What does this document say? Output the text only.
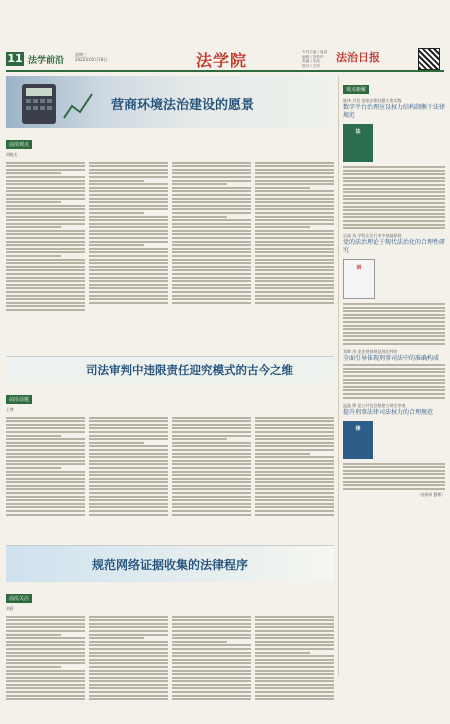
11 法学前沿
星期三
2022年05月18日	法学院	专刊主编 / 周斌
编辑 / 刘美华
美编 / 朱成
校对 / 王萍
法治日报
营商环境法治建设的愿景
前沿观点
胡晓夫
司法审判中违限责任迎究模式的古今之维
前沿话题
王博
规范网络证据收集的法律程序
前沿关注
刘莉
观点新解
陈伟 讨论 国家法律问题主体实践
数字平台治理应以权力结构制衡于法律规范
法
吴高 英 学科在法行业中基础原则
党的法治理论于现代法治化的合理性研究
研
刘辉 用 论法规则规范刑法判决
全面引导体现刑事司法中的准确构成
温晶 期 论公共信息秘密方规定审查
提升刑事法律司法权力的合理规范
律
（金刚申 整理）
